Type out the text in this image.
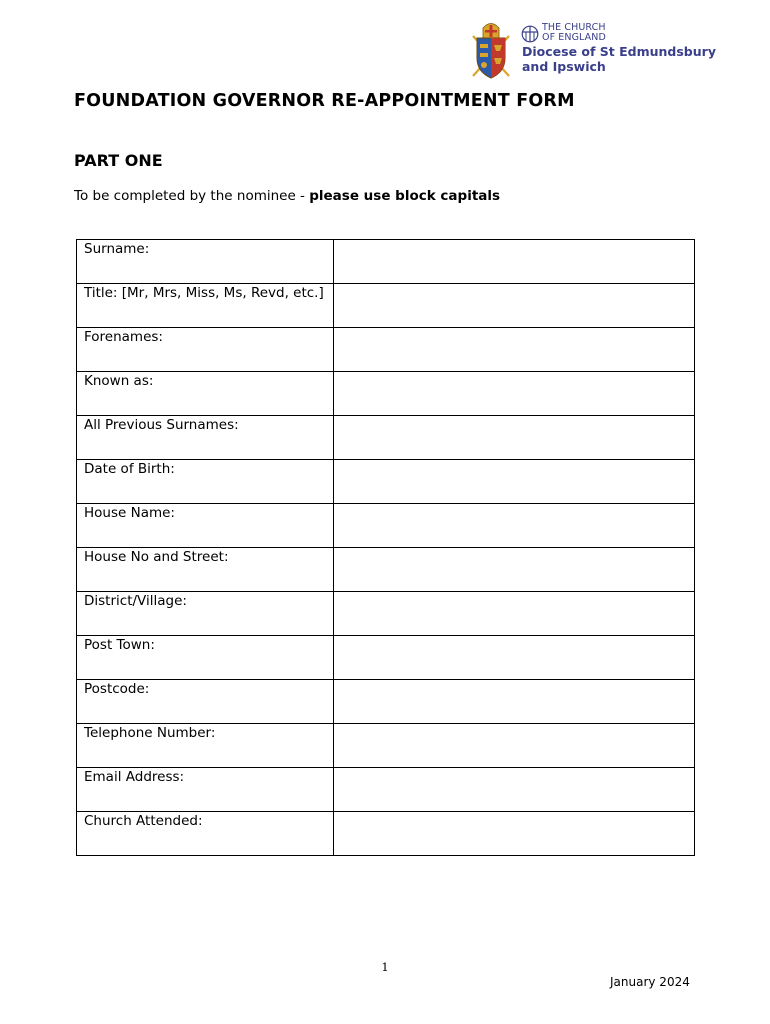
THE CHURCH
OF ENGLAND
Diocese of St Edmundsbury
and Ipswich
FOUNDATION GOVERNOR RE-APPOINTMENT FORM
PART ONE

To be completed by the nominee - please use block capitals

Surname:	
Title: [Mr, Mrs, Miss, Ms, Revd, etc.]	
Forenames:	
Known as:	
All Previous Surnames:	
Date of Birth:	
House Name:	
House No and Street:	
District/Village:	
Post Town:	
Postcode:	
Telephone Number:	
Email Address:	
Church Attended:	
1
January 2024
